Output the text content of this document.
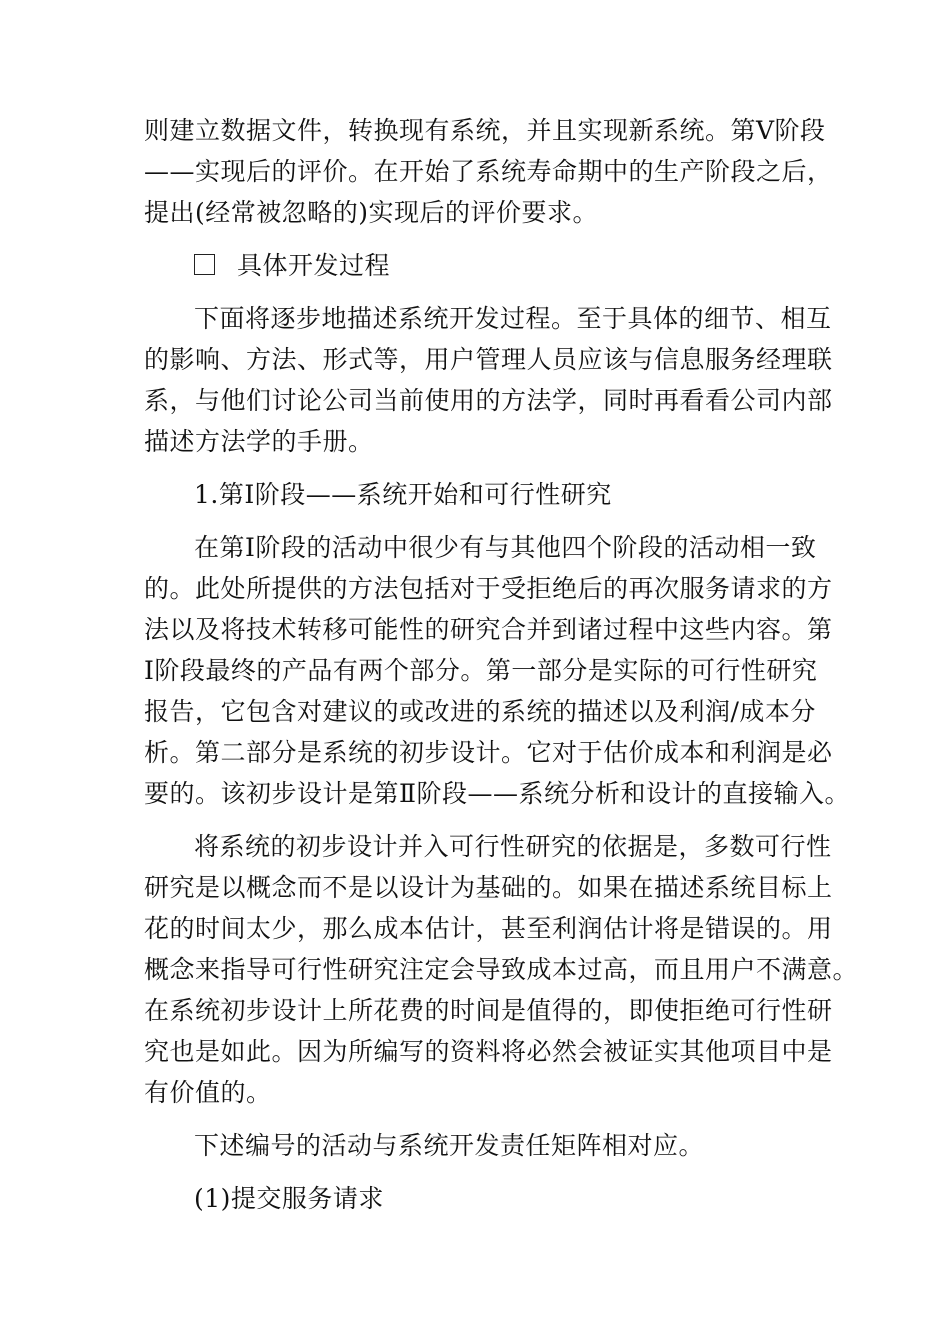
则建立数据文件，转换现有系统，并且实现新系统。第Ⅴ阶段
——实现后的评价。在开始了系统寿命期中的生产阶段之后，
提出(经常被忽略的)实现后的评价要求。
具体开发过程
下面将逐步地描述系统开发过程。至于具体的细节、相互
的影响、方法、形式等，用户管理人员应该与信息服务经理联
系，与他们讨论公司当前使用的方法学，同时再看看公司内部
描述方法学的手册。
1.第Ⅰ阶段——系统开始和可行性研究
在第Ⅰ阶段的活动中很少有与其他四个阶段的活动相一致
的。此处所提供的方法包括对于受拒绝后的再次服务请求的方
法以及将技术转移可能性的研究合并到诸过程中这些内容。第
Ⅰ阶段最终的产品有两个部分。第一部分是实际的可行性研究
报告，它包含对建议的或改进的系统的描述以及利润/成本分
析。第二部分是系统的初步设计。它对于估价成本和利润是必
要的。该初步设计是第Ⅱ阶段——系统分析和设计的直接输入。
将系统的初步设计并入可行性研究的依据是，多数可行性
研究是以概念而不是以设计为基础的。如果在描述系统目标上
花的时间太少，那么成本估计，甚至利润估计将是错误的。用
概念来指导可行性研究注定会导致成本过高，而且用户不满意。
在系统初步设计上所花费的时间是值得的，即使拒绝可行性研
究也是如此。因为所编写的资料将必然会被证实其他项目中是
有价值的。
下述编号的活动与系统开发责任矩阵相对应。
(1)提交服务请求
